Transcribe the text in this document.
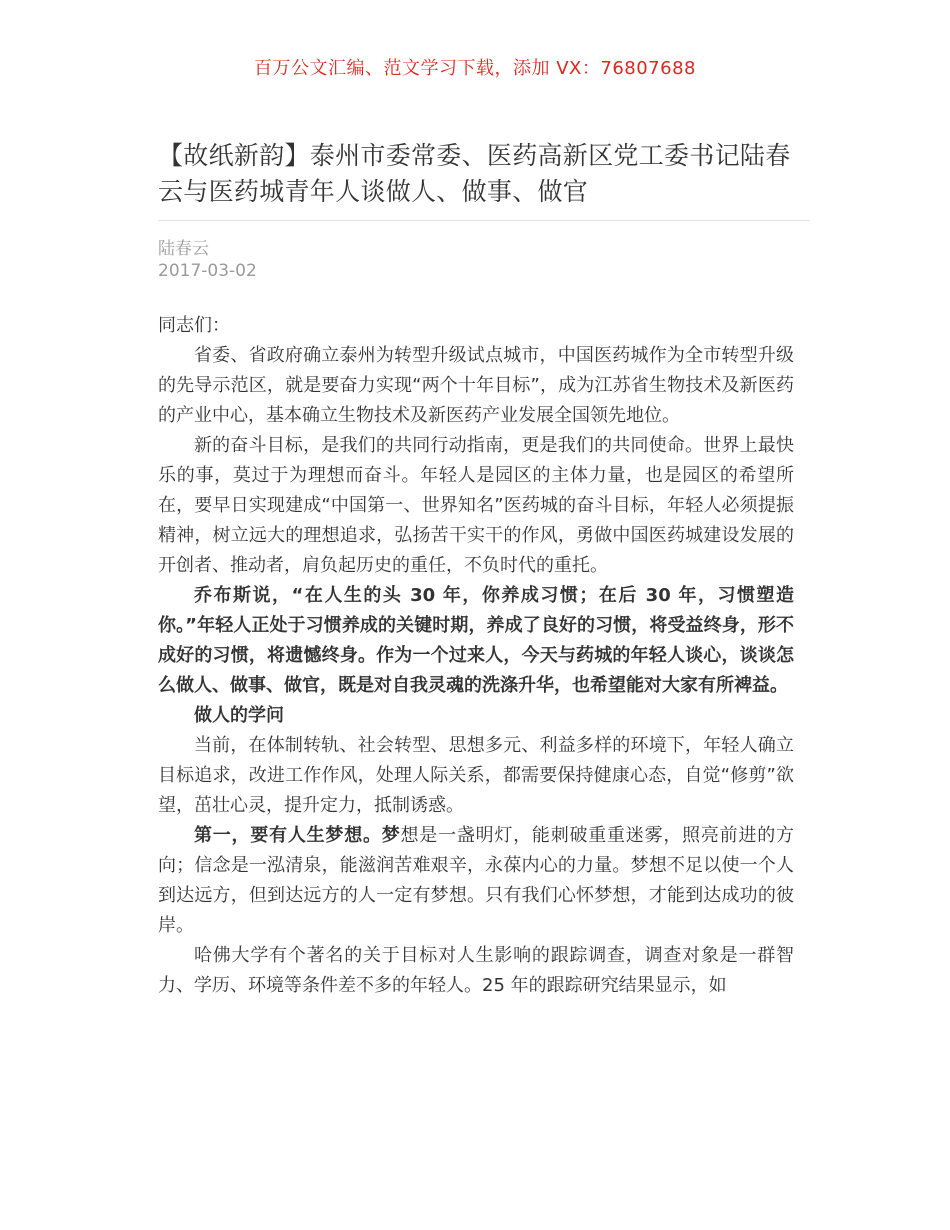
百万公文汇编、范文学习下载，添加 VX：76807688
【故纸新韵】泰州市委常委、医药高新区党工委书记陆春云与医药城青年人谈做人、做事、做官
陆春云
2017-03-02

同志们：

省委、省政府确立泰州为转型升级试点城市，中国医药城作为全市转型升级的先导示范区，就是要奋力实现“两个十年目标”，成为江苏省生物技术及新医药的产业中心，基本确立生物技术及新医药产业发展全国领先地位。

新的奋斗目标，是我们的共同行动指南，更是我们的共同使命。世界上最快乐的事，莫过于为理想而奋斗。年轻人是园区的主体力量，也是园区的希望所在，要早日实现建成“中国第一、世界知名”医药城的奋斗目标，年轻人必须提振精神，树立远大的理想追求，弘扬苦干实干的作风，勇做中国医药城建设发展的开创者、推动者，肩负起历史的重任，不负时代的重托。

乔布斯说，“在人生的头 30 年，你养成习惯；在后 30 年，习惯塑造你。”年轻人正处于习惯养成的关键时期，养成了良好的习惯，将受益终身，形不成好的习惯，将遗憾终身。作为一个过来人，今天与药城的年轻人谈心，谈谈怎么做人、做事、做官，既是对自我灵魂的洗涤升华，也希望能对大家有所裨益。

做人的学问

当前，在体制转轨、社会转型、思想多元、利益多样的环境下，年轻人确立目标追求，改进工作作风，处理人际关系，都需要保持健康心态，自觉“修剪”欲望，茁壮心灵，提升定力，抵制诱惑。

第一，要有人生梦想。梦想是一盏明灯，能刺破重重迷雾，照亮前进的方向；信念是一泓清泉，能滋润苦难艰辛，永葆内心的力量。梦想不足以使一个人到达远方，但到达远方的人一定有梦想。只有我们心怀梦想，才能到达成功的彼岸。

哈佛大学有个著名的关于目标对人生影响的跟踪调查，调查对象是一群智力、学历、环境等条件差不多的年轻人。25 年的跟踪研究结果显示，如
